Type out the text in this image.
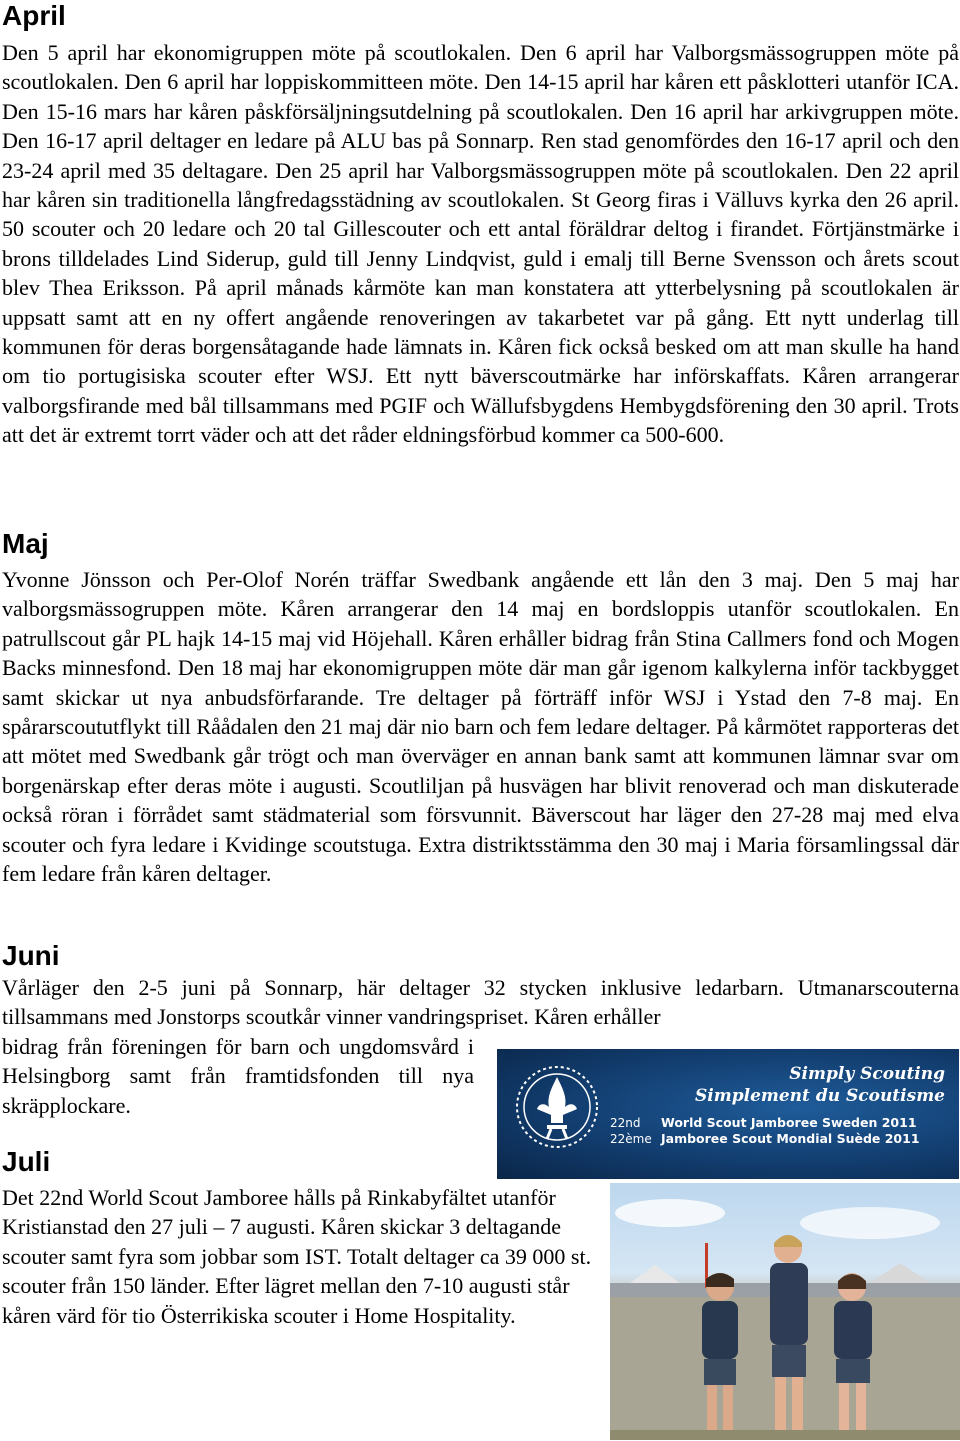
April

Den 5 april har ekonomigruppen möte på scoutlokalen. Den 6 april har Valborgsmässogruppen möte på scoutlokalen. Den 6 april har loppiskommitteen möte. Den 14-15 april har kåren ett påsklotteri utanför ICA. Den 15-16 mars har kåren påskförsäljningsutdelning på scoutlokalen. Den 16 april har arkivgruppen möte. Den 16-17 april deltager en ledare på ALU bas på Sonnarp. Ren stad genomfördes den 16-17 april och den 23-24 april med 35 deltagare. Den 25 april har Valborgsmässogruppen möte på scoutlokalen. Den 22 april har kåren sin traditionella långfredagsstädning av scoutlokalen. St Georg firas i Välluvs kyrka den 26 april. 50 scouter och 20 ledare och 20 tal Gillescouter och ett antal föräldrar deltog i firandet. Förtjänstmärke i brons tilldelades Lind Siderup, guld till Jenny Lindqvist, guld i emalj till Berne Svensson och årets scout blev Thea Eriksson. På april månads kårmöte kan man konstatera att ytterbelysning på scoutlokalen är uppsatt samt att en ny offert angående renoveringen av takarbetet var på gång. Ett nytt underlag till kommunen för deras borgensåtagande hade lämnats in. Kåren fick också besked om att man skulle ha hand om tio portugisiska scouter efter WSJ. Ett nytt bäverscoutmärke har införskaffats. Kåren arrangerar valborgsfirande med bål tillsammans med PGIF och Wällufsbygdens Hembygdsförening den 30 april. Trots att det är extremt torrt väder och att det råder eldningsförbud kommer ca 500-600.

Maj

Yvonne Jönsson och Per-Olof Norén träffar Swedbank angående ett lån den 3 maj. Den 5 maj har valborgsmässogruppen möte. Kåren arrangerar den 14 maj en bordsloppis utanför scoutlokalen. En patrullscout går PL hajk 14-15 maj vid Höjehall. Kåren erhåller bidrag från Stina Callmers fond och Mogen Backs minnesfond. Den 18 maj har ekonomigruppen möte där man går igenom kalkylerna inför tackbygget samt skickar ut nya anbudsförfarande. Tre deltager på förträff inför WSJ i Ystad den 7-8 maj. En spårarscoututflykt till Råådalen den 21 maj där nio barn och fem ledare deltager. På kårmötet rapporteras det att mötet med Swedbank går trögt och man överväger en annan bank samt att kommunen lämnar svar om borgenärskap efter deras möte i augusti. Scoutliljan på husvägen har blivit renoverad och man diskuterade också röran i förrådet samt städmaterial som försvunnit. Bäverscout har läger den 27-28 maj med elva scouter och fyra ledare i Kvidinge scoutstuga. Extra distriktsstämma den 30 maj i Maria församlingssal där fem ledare från kåren deltager.

Juni

Vårläger den 2-5 juni på Sonnarp, här deltager 32 stycken inklusive ledarbarn. Utmanarscouterna tillsammans med Jonstorps scoutkår vinner vandringspriset. Kåren erhåller

bidrag från föreningen för barn och ungdomsvård i Helsingborg samt från framtidsfonden till nya skräpplockare.

Simply Scouting
Simplement du Scoutisme
22nd
22ème
World Scout Jamboree Sweden 2011
Jamboree Scout Mondial Suède 2011
Juli

Det 22nd World Scout Jamboree hålls på Rinkabyfältet utanför Kristianstad den 27 juli – 7 augusti. Kåren skickar 3 deltagande scouter samt fyra som jobbar som IST. Totalt deltager ca 39 000 st. scouter från 150 länder. Efter lägret mellan den 7-10 augusti står kåren värd för tio Österrikiska scouter i Home Hospitality.
